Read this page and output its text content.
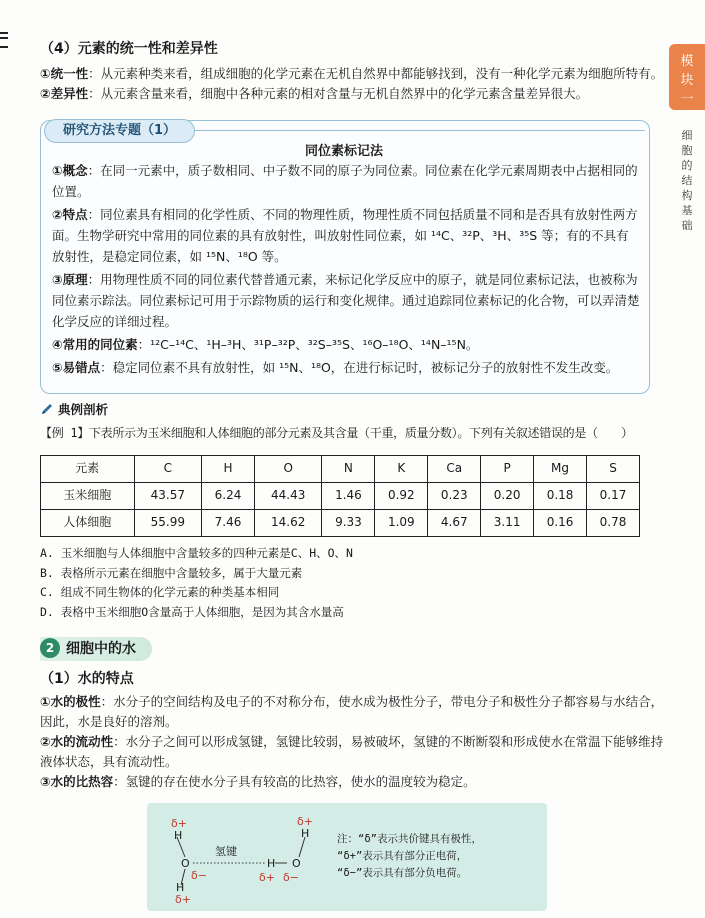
模
块
一
细
胞
的
结
构
基
础
（4）元素的统一性和差异性

①统一性：从元素种类来看，组成细胞的化学元素在无机自然界中都能够找到，没有一种化学元素为细胞所特有。

②差异性：从元素含量来看，细胞中各种元素的相对含量与无机自然界中的化学元素含量差异很大。

研究方法专题（1）
同位素标记法

①概念：在同一元素中，质子数相同、中子数不同的原子为同位素。同位素在化学元素周期表中占据相同的位置。

②特点：同位素具有相同的化学性质、不同的物理性质，物理性质不同包括质量不同和是否具有放射性两方面。生物学研究中常用的同位素的具有放射性，叫放射性同位素，如 ¹⁴C、³²P、³H、³⁵S 等；有的不具有放射性，是稳定同位素，如 ¹⁵N、¹⁸O 等。

③原理：用物理性质不同的同位素代替普通元素，来标记化学反应中的原子，就是同位素标记法，也被称为同位素示踪法。同位素标记可用于示踪物质的运行和变化规律。通过追踪同位素标记的化合物，可以弄清楚化学反应的详细过程。

④常用的同位素：¹²C–¹⁴C、¹H–³H、³¹P–³²P、³²S–³⁵S、¹⁶O–¹⁸O、¹⁴N–¹⁵N。

⑤易错点：稳定同位素不具有放射性，如 ¹⁵N、¹⁸O，在进行标记时，被标记分子的放射性不发生改变。

典例剖析
【例 1】下表所示为玉米细胞和人体细胞的部分元素及其含量（干重，质量分数）。下列有关叙述错误的是（　　）
元素	C	H	O	N	K	Ca	P	Mg	S
玉米细胞	43.57	6.24	44.43	1.46	0.92	0.23	0.20	0.18	0.17
人体细胞	55.99	7.46	14.62	9.33	1.09	4.67	3.11	0.16	0.78
A. 玉米细胞与人体细胞中含量较多的四种元素是C、H、O、N
B. 表格所示元素在细胞中含量较多，属于大量元素
C. 组成不同生物体的化学元素的种类基本相同
D. 表格中玉米细胞O含量高于人体细胞，是因为其含水量高
2 细胞中的水
（1）水的特点

①水的极性：水分子的空间结构及电子的不对称分布，使水成为极性分子，带电分子和极性分子都容易与水结合，因此，水是良好的溶剂。

②水的流动性：水分子之间可以形成氢键，氢键比较弱，易被破坏，氢键的不断断裂和形成使水在常温下能够维持液体状态，具有流动性。

③水的比热容：氢键的存在使水分子具有较高的比热容，使水的温度较为稳定。

δ+
H
O
δ−
H
δ+
氢键
H
δ+
O
δ−
δ+
H	注：“δ”表示共价键具有极性，
“δ+”表示具有部分正电荷，
“δ−”表示具有部分负电荷。
